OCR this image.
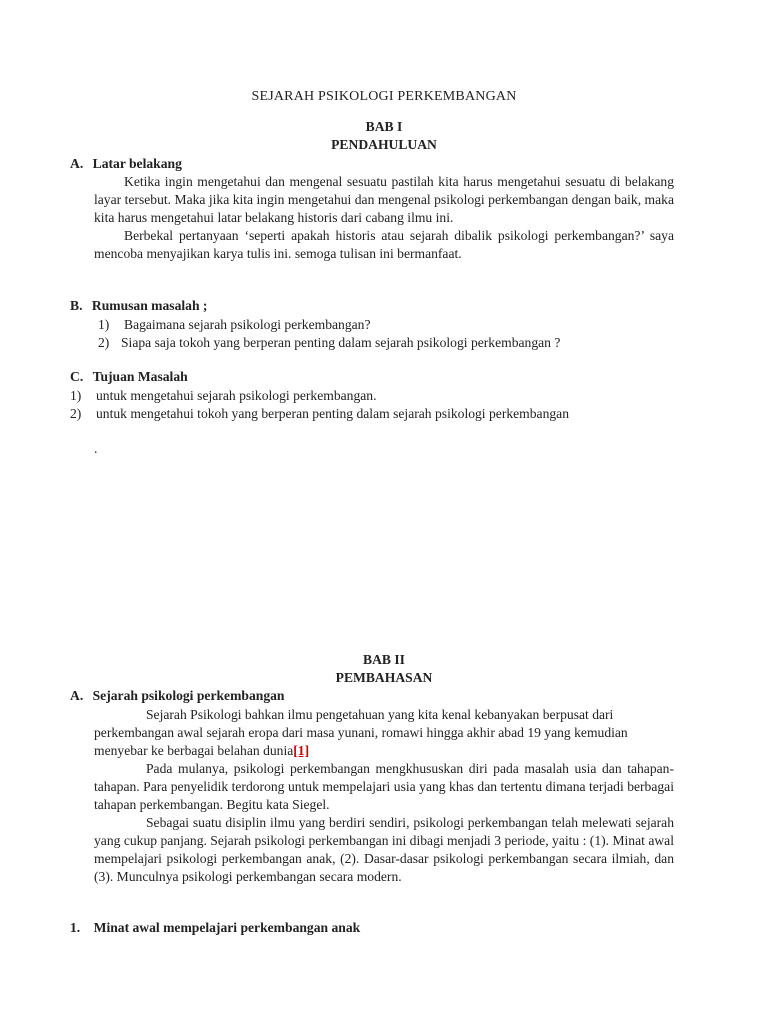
SEJARAH PSIKOLOGI PERKEMBANGAN
BAB I
PENDAHULUAN
A. Latar belakang

Ketika ingin mengetahui dan mengenal sesuatu pastilah kita harus mengetahui sesuatu di belakang layar tersebut. Maka jika kita ingin mengetahui dan mengenal psikologi perkembangan dengan baik, maka kita harus mengetahui latar belakang historis dari cabang ilmu ini.

Berbekal pertanyaan ‘seperti apakah historis atau sejarah dibalik psikologi perkembangan?’ saya mencoba menyajikan karya tulis ini. semoga tulisan ini bermanfaat.

B. Rumusan masalah ;
1) Bagaimana sejarah psikologi perkembangan?
2) Siapa saja tokoh yang berperan penting dalam sejarah psikologi perkembangan ?
C. Tujuan Masalah
1) untuk mengetahui sejarah psikologi perkembangan.
2) untuk mengetahui tokoh yang berperan penting dalam sejarah psikologi perkembangan
.
BAB II
PEMBAHASAN
A. Sejarah psikologi perkembangan

Sejarah Psikologi bahkan ilmu pengetahuan yang kita kenal kebanyakan berpusat dari perkembangan awal sejarah eropa dari masa yunani, romawi hingga akhir abad 19 yang kemudian menyebar ke berbagai belahan dunia[1]

Pada mulanya, psikologi perkembangan mengkhususkan diri pada masalah usia dan tahapan-tahapan. Para penyelidik terdorong untuk mempelajari usia yang khas dan tertentu dimana terjadi berbagai tahapan perkembangan. Begitu kata Siegel.

Sebagai suatu disiplin ilmu yang berdiri sendiri, psikologi perkembangan telah melewati sejarah yang cukup panjang. Sejarah psikologi perkembangan ini dibagi menjadi 3 periode, yaitu : (1). Minat awal mempelajari psikologi perkembangan anak, (2). Dasar-dasar psikologi perkembangan secara ilmiah, dan (3). Munculnya psikologi perkembangan secara modern.

1. Minat awal mempelajari perkembangan anak
